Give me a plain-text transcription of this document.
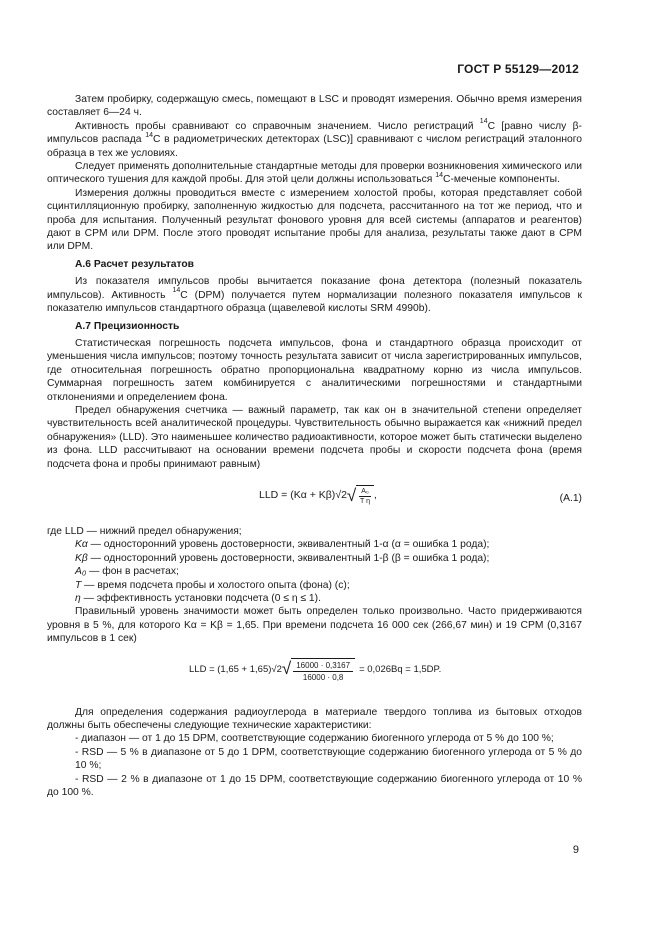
ГОСТ Р 55129—2012

Затем пробирку, содержащую смесь, помещают в LSC и проводят измерения. Обычно время измерения составляет 6—24 ч.

Активность пробы сравнивают со справочным значением. Число регистраций $^{14}$C [равно числу β-импульсов распада $^{14}$C в радиометрических детекторах (LSC)] сравнивают с числом регистраций эталонного образца в тех же условиях.

Следует применять дополнительные стандартные методы для проверки возникновения химического или оптического тушения для каждой пробы. Для этой цели должны использоваться $^{14}$C-меченые компоненты.

Измерения должны проводиться вместе с измерением холостой пробы, которая представляет собой сцинтилляционную пробирку, заполненную жидкостью для подсчета, рассчитанного на тот же период, что и проба для испытания. Полученный результат фонового уровня для всей системы (аппаратов и реагентов) дают в CPM или DPM. После этого проводят испытание пробы для анализа, результаты также дают в CPM или DPM.

А.6 Расчет результатов

Из показателя импульсов пробы вычитается показание фона детектора (полезный показатель импульсов). Активность $^{14}$C (DPM) получается путем нормализации полезного показателя импульсов к показателю импульсов стандартного образца (щавелевой кислоты SRM 4990b).

А.7 Прецизионность

Статистическая погрешность подсчета импульсов, фона и стандартного образца происходит от уменьшения числа импульсов; поэтому точность результата зависит от числа зарегистрированных импульсов, где относительная погрешность обратно пропорциональна квадратному корню из числа импульсов. Суммарная погрешность затем комбинируется с аналитическими погрешностями и стандартными отклонениями и определением фона.

Предел обнаружения счетчика — важный параметр, так как он в значительной степени определяет чувствительность всей аналитической процедуры. Чувствительность обычно выражается как «нижний предел обнаружения» (LLD). Это наименьшее количество радиоактивности, которое может быть статически выделено из фона. LLD рассчитывают на основании времени подсчета пробы и скорости подсчета фона (время подсчета фона и пробы принимают равным)

LLD = (Kα + Kβ) √2 √ $\frac{\text{A₀}}{\text{T η}}$ ,	(А.1)

где LLD — нижний предел обнаружения;

Kα — односторонний уровень достоверности, эквивалентный 1-α (α = ошибка 1 рода);

Kβ — односторонний уровень достоверности, эквивалентный 1-β (β = ошибка 1 рода);

A₀ — фон в расчетах;

T — время подсчета пробы и холостого опыта (фона) (с);

η — эффективность установки подсчета (0 ≤ η ≤ 1).

Правильный уровень значимости может быть определен только произвольно. Часто придерживаются уровня в 5 %, для которого Kα = Kβ = 1,65. При времени подсчета 16 000 сек (266,67 мин) и 19 CPM (0,3167 импульсов в 1 сек)

LLD = (1,65 + 1,65) √2 √ $\frac{16000 \cdot 0,3167}{16000 \cdot 0,8} = 0,026Bq = 1,5DP$.

Для определения содержания радиоуглерода в материале твердого топлива из бытовых отходов должны быть обеспечены следующие технические характеристики:

- диапазон — от 1 до 15 DPM, соответствующие содержанию биогенного углерода от 5 % до 100 %;

- RSD — 5 % в диапазоне от 5 до 1 DPM, соответствующие содержанию биогенного углерода от 5 % до 10 %;

- RSD — 2 % в диапазоне от 1 до 15 DPM, соответствующие содержанию биогенного углерода от 10 % до 100 %.

9
